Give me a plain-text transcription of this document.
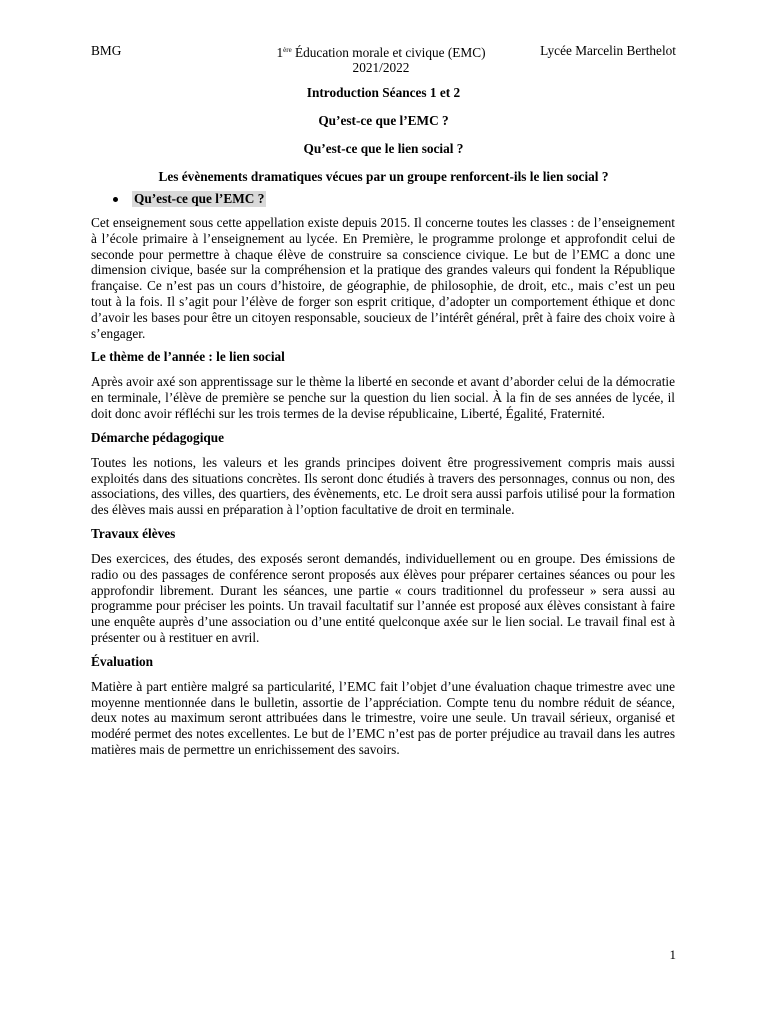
BMG	1ère Éducation morale et civique (EMC)
2021/2022
Lycée Marcelin Berthelot

Introduction Séances 1 et 2

Qu’est-ce que l’EMC ?

Qu’est-ce que le lien social ?

Les évènements dramatiques vécues par un groupe renforcent-ils le lien social ?

Qu’est-ce que l’EMC ?

Cet enseignement sous cette appellation existe depuis 2015. Il concerne toutes les classes : de l’enseignement à l’école primaire à l’enseignement au lycée. En Première, le programme prolonge et approfondit celui de seconde pour permettre à chaque élève de construire sa conscience civique. Le but de l’EMC a donc une dimension civique, basée sur la compréhension et la pratique des grandes valeurs qui fondent la République française. Ce n’est pas un cours d’histoire, de géographie, de philosophie, de droit, etc., mais c’est un peu tout à la fois. Il s’agit pour l’élève de forger son esprit critique, d’adopter un comportement éthique et donc d’avoir les bases pour être un citoyen responsable, soucieux de l’intérêt général, prêt à faire des choix voire à s’engager.

Le thème de l’année : le lien social

Après avoir axé son apprentissage sur le thème la liberté en seconde et avant d’aborder celui de la démocratie en terminale, l’élève de première se penche sur la question du lien social. À la fin de ses années de lycée, il doit donc avoir réfléchi sur les trois termes de la devise républicaine, Liberté, Égalité, Fraternité.

Démarche pédagogique

Toutes les notions, les valeurs et les grands principes doivent être progressivement compris mais aussi exploités dans des situations concrètes. Ils seront donc étudiés à travers des personnages, connus ou non, des associations, des villes, des quartiers, des évènements, etc. Le droit sera aussi parfois utilisé pour la formation des élèves mais aussi en préparation à l’option facultative de droit en terminale.

Travaux élèves

Des exercices, des études, des exposés seront demandés, individuellement ou en groupe. Des émissions de radio ou des passages de conférence seront proposés aux élèves pour préparer certaines séances ou pour les approfondir librement. Durant les séances, une partie « cours traditionnel du professeur » sera aussi au programme pour préciser les points. Un travail facultatif sur l’année est proposé aux élèves consistant à faire une enquête auprès d’une association ou d’une entité quelconque axée sur le lien social. Le travail final est à présenter ou à restituer en avril.

Évaluation

Matière à part entière malgré sa particularité, l’EMC fait l’objet d’une évaluation chaque trimestre avec une moyenne mentionnée dans le bulletin, assortie de l’appréciation. Compte tenu du nombre réduit de séance, deux notes au maximum seront attribuées dans le trimestre, voire une seule. Un travail sérieux, organisé et modéré permet des notes excellentes. Le but de l’EMC n’est pas de porter préjudice au travail dans les autres matières mais de permettre un enrichissement des savoirs.

1
